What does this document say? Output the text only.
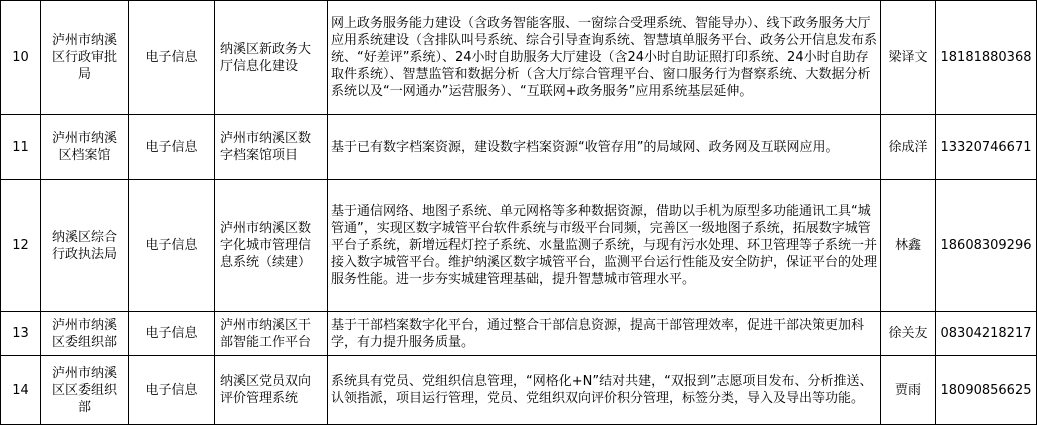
10	泸州市纳溪区行政审批局	电子信息	纳溪区新政务大厅信息化建设	网上政务服务能力建设（含政务智能客服、一窗综合受理系统、智能导办）、线下政务服务大厅应用系统建设（含排队叫号系统、综合引导查询系统、智慧填单服务平台、政务公开信息发布系统、“好差评”系统）、24小时自助服务大厅建设（含24小时自助证照打印系统、24小时自助存取件系统）、智慧监管和数据分析（含大厅综合管理平台、窗口服务行为督察系统、大数据分析系统以及“一网通办”运营服务）、“互联网+政务服务”应用系统基层延伸。	梁译文	18181880368
11	泸州市纳溪区档案馆	电子信息	泸州市纳溪区数字档案馆项目	基于已有数字档案资源，建设数字档案资源“收管存用”的局域网、政务网及互联网应用。	徐成洋	13320746671
12	纳溪区综合行政执法局	电子信息	泸州市纳溪区数字化城市管理信息系统（续建）	基于通信网络、地图子系统、单元网格等多种数据资源，借助以手机为原型多功能通讯工具“城管通”，实现区数字城管平台软件系统与市级平台同频，完善区一级地图子系统，拓展数字城管平台子系统，新增远程灯控子系统、水量监测子系统，与现有污水处理、环卫管理等子系统一并接入数字城管平台。维护纳溪区数字城管平台，监测平台运行性能及安全防护，保证平台的处理服务性能。进一步夯实城建管理基础，提升智慧城市管理水平。	林鑫	18608309296
13	泸州市纳溪区委组织部	电子信息	泸州市纳溪区干部智能工作平台	基于干部档案数字化平台，通过整合干部信息资源，提高干部管理效率，促进干部决策更加科学，有力提升服务质量。	徐关友	08304218217
14	泸州市纳溪区区委组织部	电子信息	纳溪区党员双向评价管理系统	系统具有党员、党组织信息管理，“网格化+N”结对共建，“双报到”志愿项目发布、分析推送、认领指派，项目运行管理，党员、党组织双向评价积分管理，标签分类，导入及导出等功能。	贾雨	18090856625
